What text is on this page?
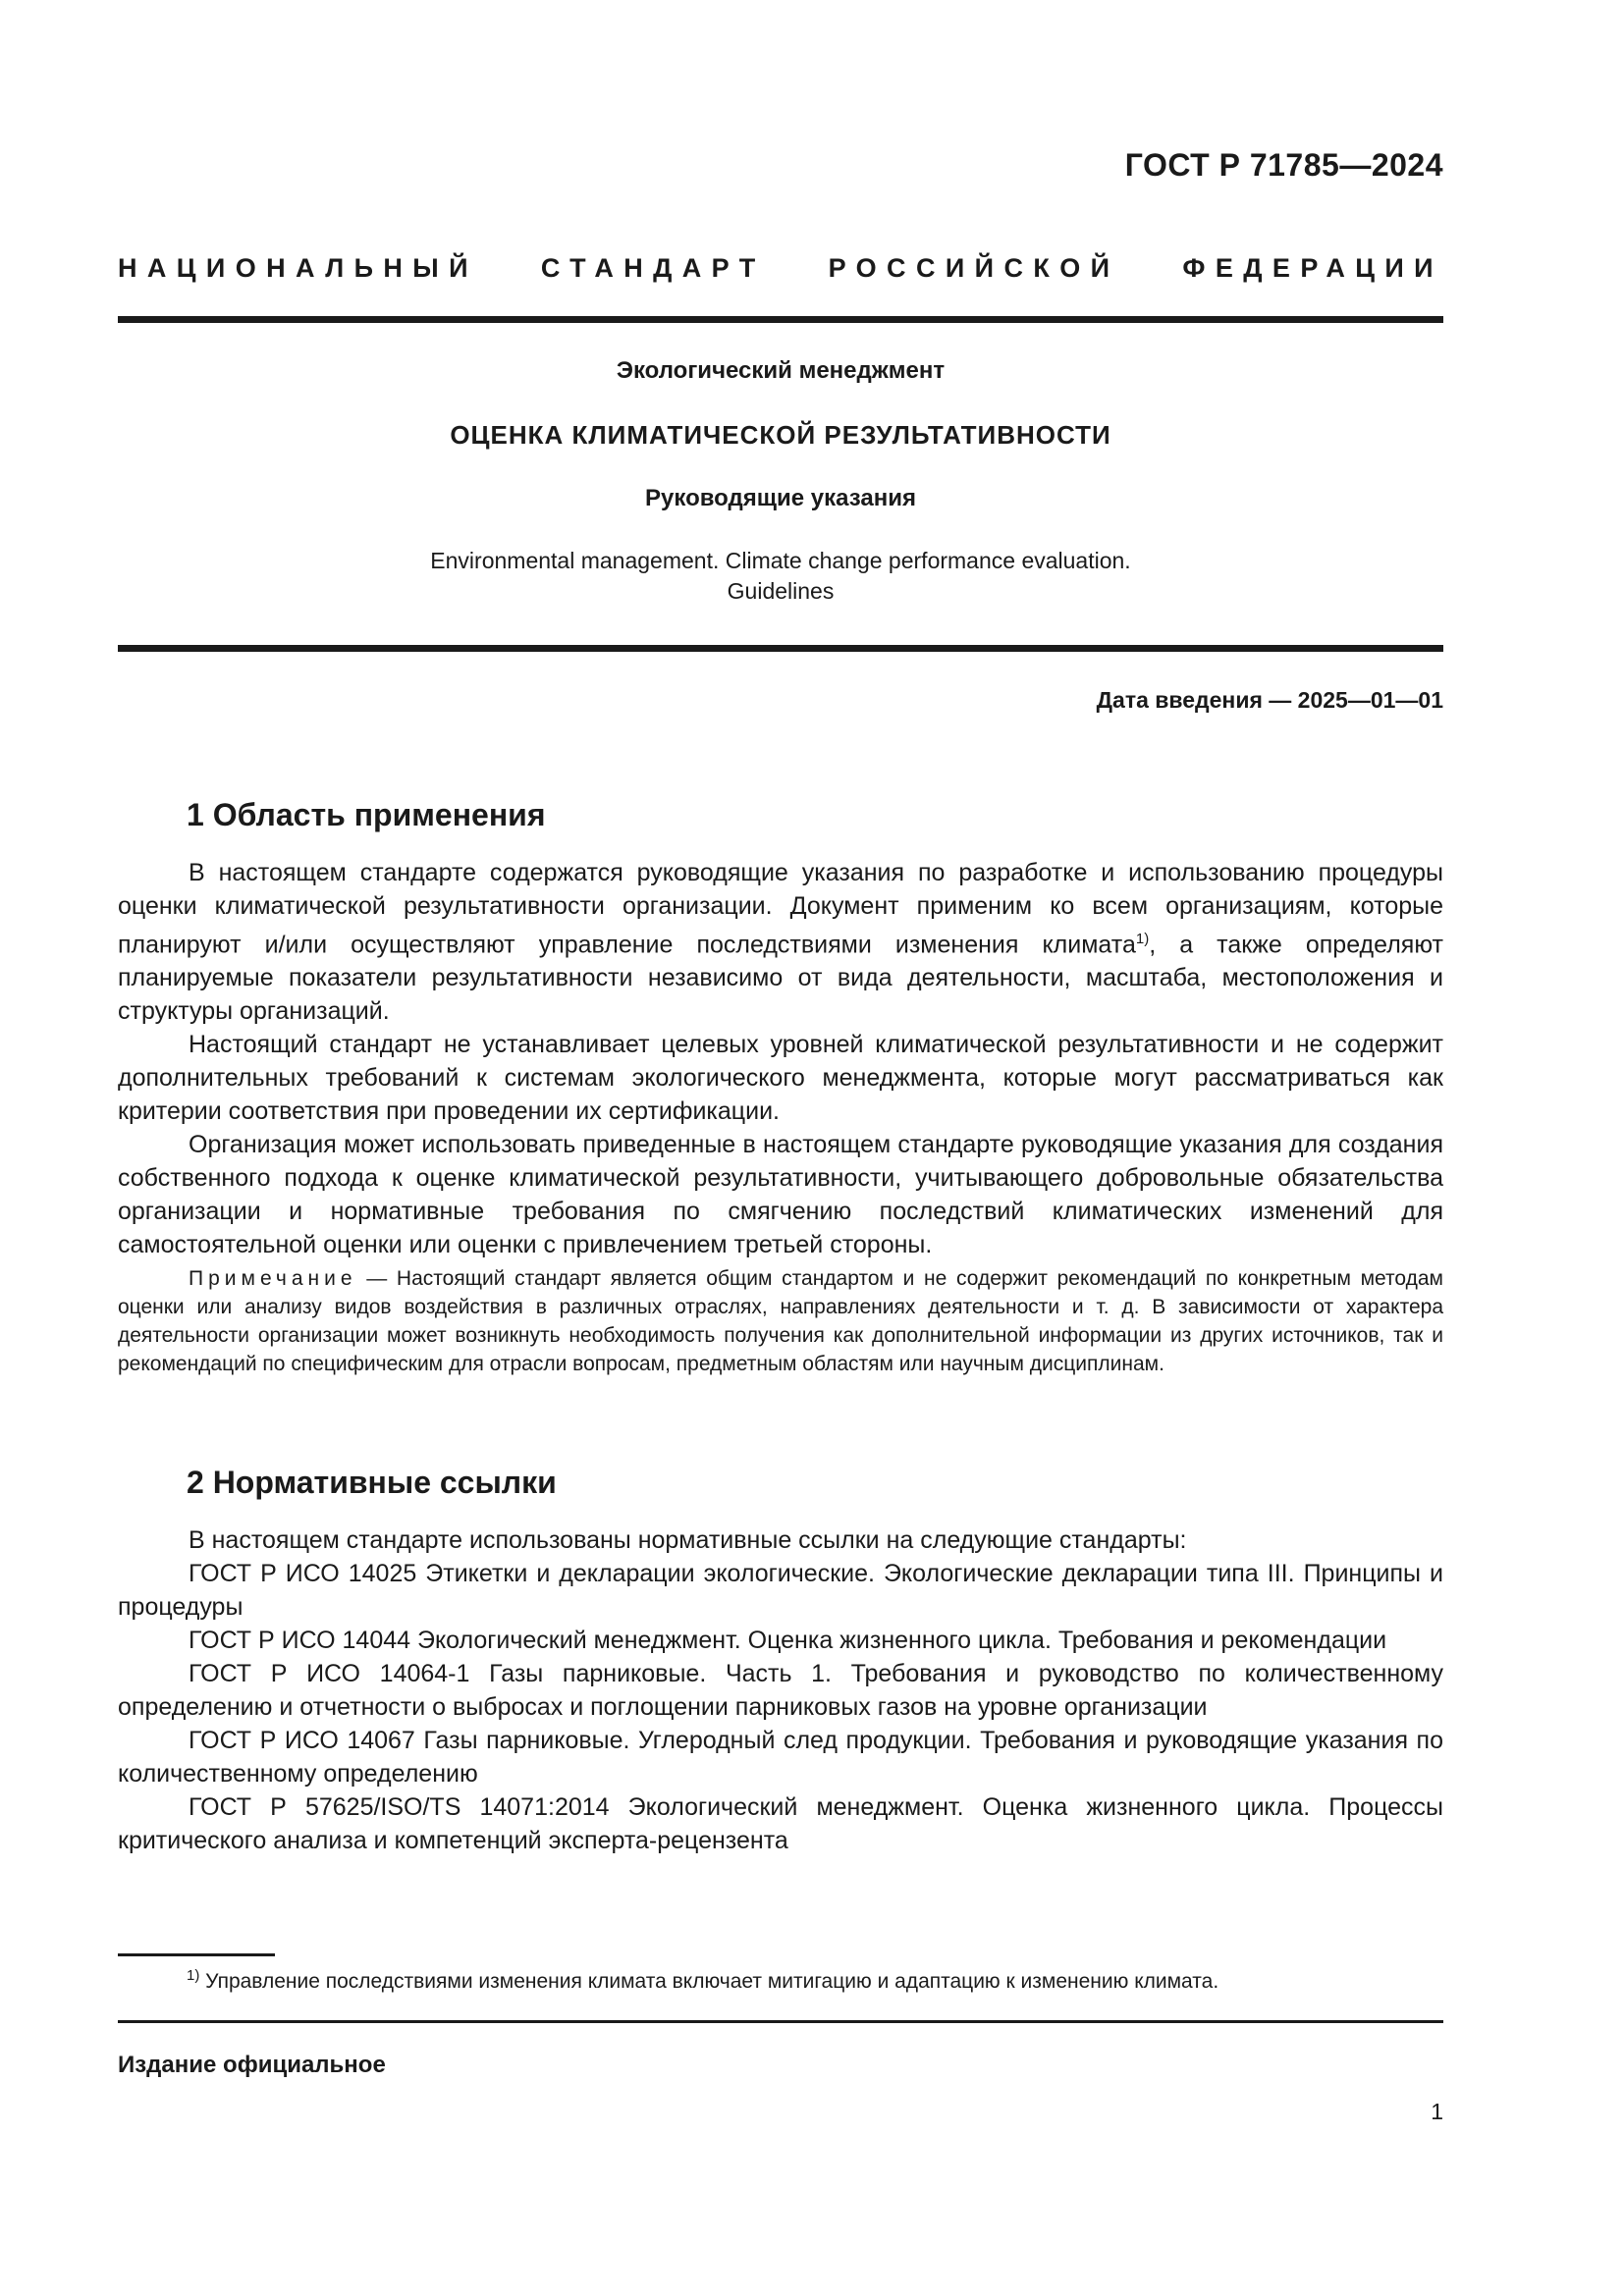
ГОСТ Р 71785—2024
НАЦИОНАЛЬНЫЙ СТАНДАРТ РОССИЙСКОЙ ФЕДЕРАЦИИ
Экологический менеджмент
ОЦЕНКА КЛИМАТИЧЕСКОЙ РЕЗУЛЬТАТИВНОСТИ
Руководящие указания
Environmental management. Climate change performance evaluation.
Guidelines
Дата введения — 2025—01—01
1 Область применения

В настоящем стандарте содержатся руководящие указания по разработке и использованию процедуры оценки климатической результативности организации. Документ применим ко всем организациям, которые планируют и/или осуществляют управление последствиями изменения климата$^{1)}$, а также определяют планируемые показатели результативности независимо от вида деятельности, масштаба, местоположения и структуры организаций.

Настоящий стандарт не устанавливает целевых уровней климатической результативности и не содержит дополнительных требований к системам экологического менеджмента, которые могут рассматриваться как критерии соответствия при проведении их сертификации.

Организация может использовать приведенные в настоящем стандарте руководящие указания для создания собственного подхода к оценке климатической результативности, учитывающего добровольные обязательства организации и нормативные требования по смягчению последствий климатических изменений для самостоятельной оценки или оценки с привлечением третьей стороны.

Примечание — Настоящий стандарт является общим стандартом и не содержит рекомендаций по конкретным методам оценки или анализу видов воздействия в различных отраслях, направлениях деятельности и т. д. В зависимости от характера деятельности организации может возникнуть необходимость получения как дополнительной информации из других источников, так и рекомендаций по специфическим для отрасли вопросам, предметным областям или научным дисциплинам.

2 Нормативные ссылки

В настоящем стандарте использованы нормативные ссылки на следующие стандарты:

ГОСТ Р ИСО 14025 Этикетки и декларации экологические. Экологические декларации типа III. Принципы и процедуры

ГОСТ Р ИСО 14044 Экологический менеджмент. Оценка жизненного цикла. Требования и рекомендации

ГОСТ Р ИСО 14064-1 Газы парниковые. Часть 1. Требования и руководство по количественному определению и отчетности о выбросах и поглощении парниковых газов на уровне организации

ГОСТ Р ИСО 14067 Газы парниковые. Углеродный след продукции. Требования и руководящие указания по количественному определению

ГОСТ Р 57625/ISO/TS 14071:2014 Экологический менеджмент. Оценка жизненного цикла. Процессы критического анализа и компетенций эксперта-рецензента

$^{1)}$ Управление последствиями изменения климата включает митигацию и адаптацию к изменению климата.
Издание официальное
1
